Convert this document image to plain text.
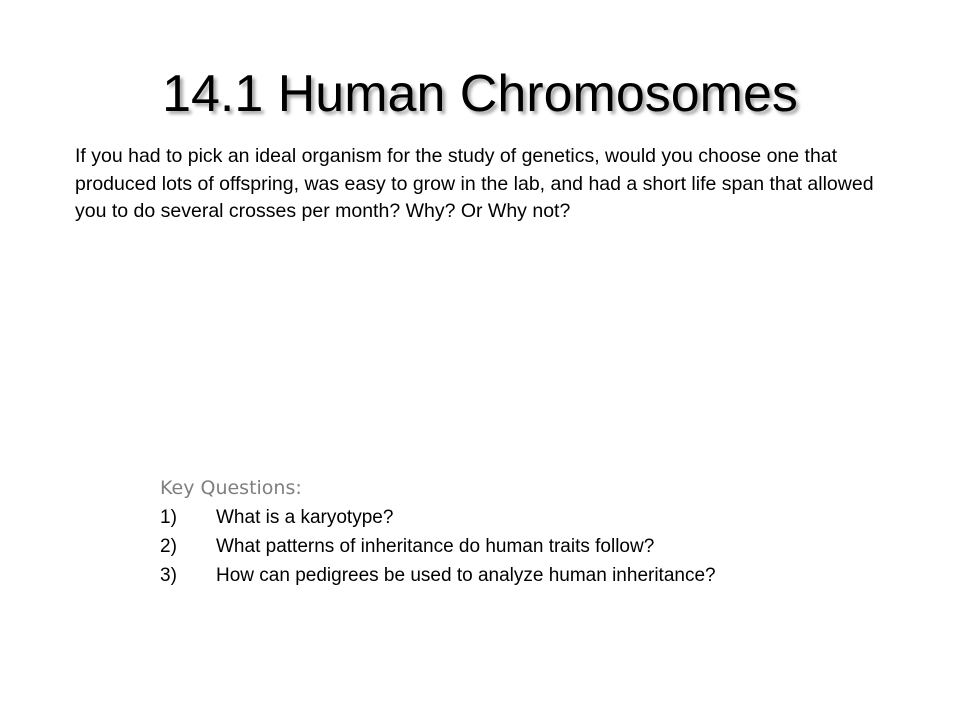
14.1 Human Chromosomes

If you had to pick an ideal organism for the study of genetics, would you choose one that produced lots of offspring, was easy to grow in the lab, and had a short life span that allowed you to do several crosses per month? Why? Or Why not?

Key Questions:
1)	What is a karyotype?
2)	What patterns of inheritance do human traits follow?
3)	How can pedigrees be used to analyze human inheritance?
